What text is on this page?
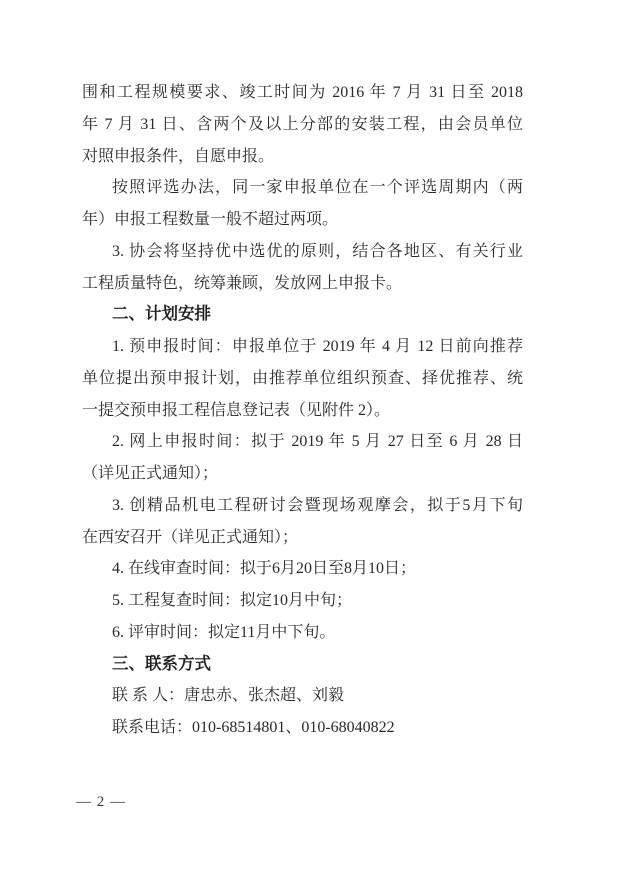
围和工程规模要求、竣工时间为 2016 年 7 月 31 日至 2018
年 7 月 31 日、含两个及以上分部的安装工程，由会员单位
对照申报条件，自愿申报。
按照评选办法，同一家申报单位在一个评选周期内（两
年）申报工程数量一般不超过两项。
3. 协会将坚持优中选优的原则，结合各地区、有关行业
工程质量特色，统筹兼顾，发放网上申报卡。
二、计划安排
1. 预申报时间：申报单位于 2019 年 4 月 12 日前向推荐
单位提出预申报计划，由推荐单位组织预查、择优推荐、统
一提交预申报工程信息登记表（见附件 2）。
2. 网上申报时间：拟于 2019 年 5 月 27 日至 6 月 28 日
（详见正式通知）；
3. 创精品机电工程研讨会暨现场观摩会，拟于5月下旬
在西安召开（详见正式通知）；
4. 在线审查时间：拟于6月20日至8月10日；
5. 工程复查时间：拟定10月中旬；
6. 评审时间：拟定11月中下旬。
三、联系方式
联 系 人：唐忠赤、张杰超、刘毅
联系电话：010-68514801、010-68040822
— 2 —
